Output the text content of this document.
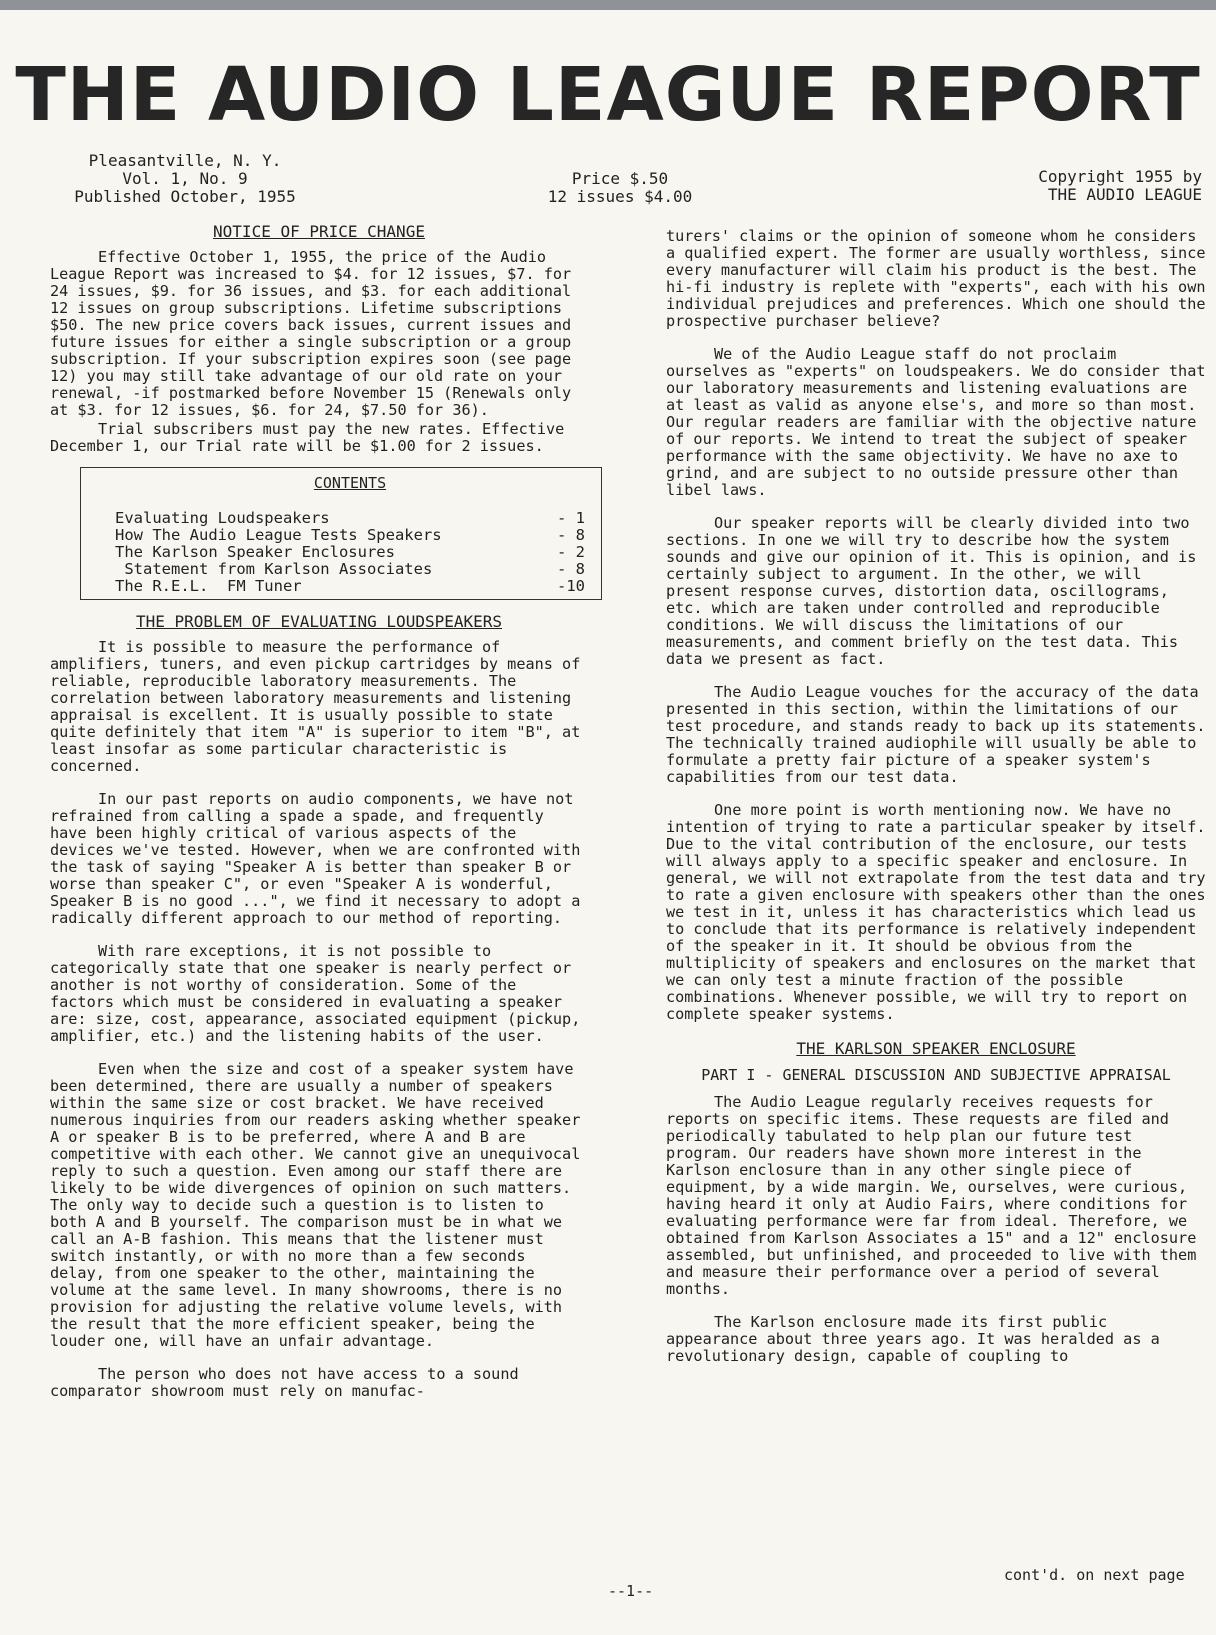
THE AUDIO LEAGUE REPORT
Pleasantville, N. Y.
Vol. 1, No. 9
Published October, 1955
Price $.50
12 issues $4.00
Copyright 1955 by
THE AUDIO LEAGUE
NOTICE OF PRICE CHANGE

Effective October 1, 1955, the price of the Audio League Report was increased to $4. for 12 issues, $7. for 24 issues, $9. for 36 issues, and $3. for each additional 12 issues on group subscriptions. Lifetime subscriptions $50. The new price covers back issues, current issues and future issues for either a single subscription or a group subscription. If your subscription expires soon (see page 12) you may still take advantage of our old rate on your renewal, -if postmarked before November 15 (Renewals only at $3. for 12 issues, $6. for 24, $7.50 for 36).

Trial subscribers must pay the new rates. Effective December 1, our Trial rate will be $1.00 for 2 issues.

CONTENTS
Evaluating Loudspeakers	- 1
How The Audio League Tests Speakers	- 8
The Karlson Speaker Enclosures	- 2
Statement from Karlson Associates	- 8
The R.E.L.  FM Tuner	-10
THE PROBLEM OF EVALUATING LOUDSPEAKERS

It is possible to measure the performance of amplifiers, tuners, and even pickup cartridges by means of reliable, reproducible laboratory measurements. The correlation between laboratory measurements and listening appraisal is excellent. It is usually possible to state quite definitely that item "A" is superior to item "B", at least insofar as some particular characteristic is concerned.

In our past reports on audio components, we have not refrained from calling a spade a spade, and frequently have been highly critical of various aspects of the devices we've tested. However, when we are confronted with the task of saying "Speaker A is better than speaker B or worse than speaker C", or even "Speaker A is wonderful, Speaker B is no good ...", we find it necessary to adopt a radically different approach to our method of reporting.

With rare exceptions, it is not possible to categorically state that one speaker is nearly perfect or another is not worthy of consideration. Some of the factors which must be considered in evaluating a speaker are: size, cost, appearance, associated equipment (pickup, amplifier, etc.) and the listening habits of the user.

Even when the size and cost of a speaker system have been determined, there are usually a number of speakers within the same size or cost bracket. We have received numerous inquiries from our readers asking whether speaker A or speaker B is to be preferred, where A and B are competitive with each other. We cannot give an unequivocal reply to such a question. Even among our staff there are likely to be wide divergences of opinion on such matters. The only way to decide such a question is to listen to both A and B yourself. The comparison must be in what we call an A-B fashion. This means that the listener must switch instantly, or with no more than a few seconds delay, from one speaker to the other, maintaining the volume at the same level. In many showrooms, there is no provision for adjusting the relative volume levels, with the result that the more efficient speaker, being the louder one, will have an unfair advantage.

The person who does not have access to a sound comparator showroom must rely on manufac-

turers' claims or the opinion of someone whom he considers a qualified expert. The former are usually worthless, since every manufacturer will claim his product is the best. The hi-fi industry is replete with "experts", each with his own individual prejudices and preferences. Which one should the prospective purchaser believe?

We of the Audio League staff do not proclaim ourselves as "experts" on loudspeakers. We do consider that our laboratory measurements and listening evaluations are at least as valid as anyone else's, and more so than most. Our regular readers are familiar with the objective nature of our reports. We intend to treat the subject of speaker performance with the same objectivity. We have no axe to grind, and are subject to no outside pressure other than libel laws.

Our speaker reports will be clearly divided into two sections. In one we will try to describe how the system sounds and give our opinion of it. This is opinion, and is certainly subject to argument. In the other, we will present response curves, distortion data, oscillograms, etc. which are taken under controlled and reproducible conditions. We will discuss the limitations of our measurements, and comment briefly on the test data. This data we present as fact.

The Audio League vouches for the accuracy of the data presented in this section, within the limitations of our test procedure, and stands ready to back up its statements. The technically trained audiophile will usually be able to formulate a pretty fair picture of a speaker system's capabilities from our test data.

One more point is worth mentioning now. We have no intention of trying to rate a particular speaker by itself. Due to the vital contribution of the enclosure, our tests will always apply to a specific speaker and enclosure. In general, we will not extrapolate from the test data and try to rate a given enclosure with speakers other than the ones we test in it, unless it has characteristics which lead us to conclude that its performance is relatively independent of the speaker in it. It should be obvious from the multiplicity of speakers and enclosures on the market that we can only test a minute fraction of the possible combinations. Whenever possible, we will try to report on complete speaker systems.

THE KARLSON SPEAKER ENCLOSURE
PART I - GENERAL DISCUSSION AND SUBJECTIVE APPRAISAL

The Audio League regularly receives requests for reports on specific items. These requests are filed and periodically tabulated to help plan our future test program. Our readers have shown more interest in the Karlson enclosure than in any other single piece of equipment, by a wide margin. We, ourselves, were curious, having heard it only at Audio Fairs, where conditions for evaluating performance were far from ideal. Therefore, we obtained from Karlson Associates a 15" and a 12" enclosure assembled, but unfinished, and proceeded to live with them and measure their performance over a period of several months.

The Karlson enclosure made its first public appearance about three years ago. It was heralded as a revolutionary design, capable of coupling to

cont'd. on next page
--1--
